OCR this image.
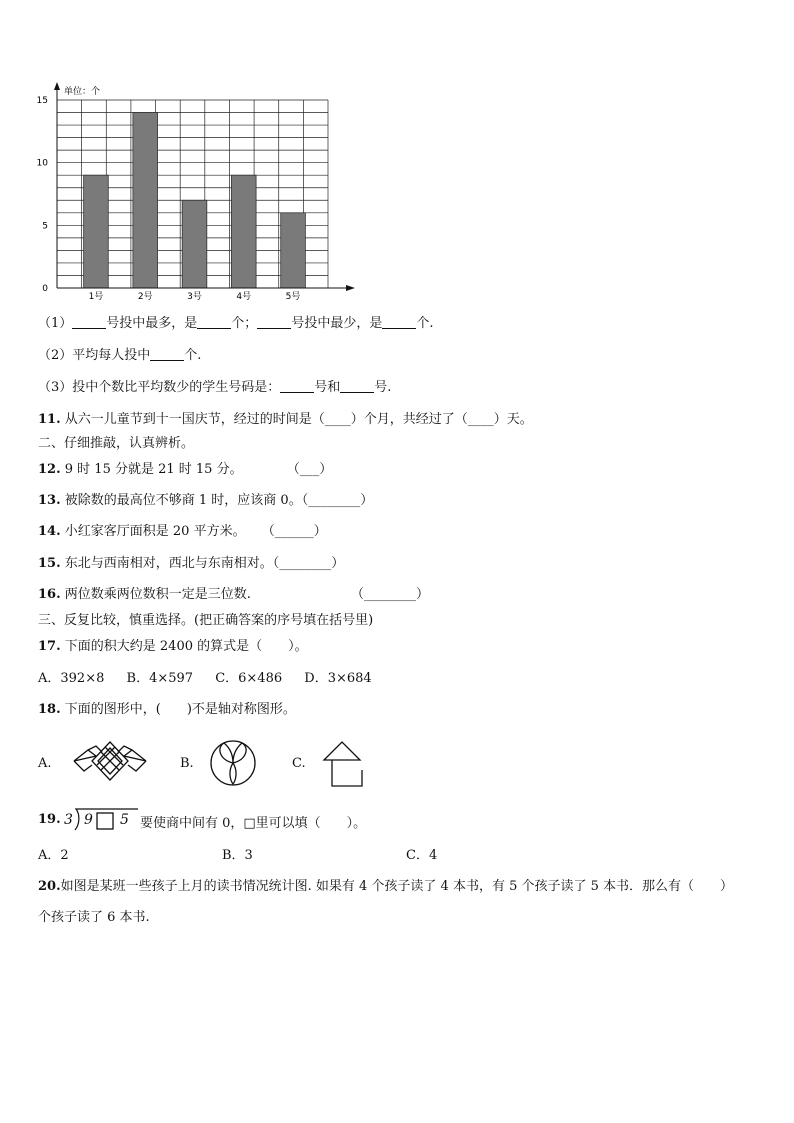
0
5
10
15
1号	2号	3号	4号	5号
单位：个
（1）	号投中最多，是	个；	号投中最少，是	个.
（2）平均每人投中	个.
（3）投中个数比平均数少的学生号码是：	号和	号.
11. 从六一儿童节到十一国庆节，经过的时间是（____）个月，共经过了（____）天。
二、仔细推敲，认真辨析。
12. 9 时 15 分就是 21 时 15 分。	（___）
13. 被除数的最高位不够商 1 时，应该商 0。（________）
14. 小红家客厅面积是 20 平方米。 （______）
15. 东北与西南相对，西北与东南相对。（________）
16. 两位数乘两位数积一定是三位数.	（________）
三、反复比较，慎重选择。(把正确答案的序号填在括号里)
17. 下面的积大约是 2400 的算式是（　　）。
A．392×8 B．4×597 C．6×486 D．3×684
18. 下面的图形中，(　　)不是轴对称图形。
A.	B.	C.
19. 3 9 5 要使商中间有 0，□里可以填（　　）。
A．2	B．3	C．4
20.如图是某班一些孩子上月的读书情况统计图. 如果有 4 个孩子读了 4 本书，有 5 个孩子读了 5 本书．那么有（　　）
个孩子读了 6 本书.
